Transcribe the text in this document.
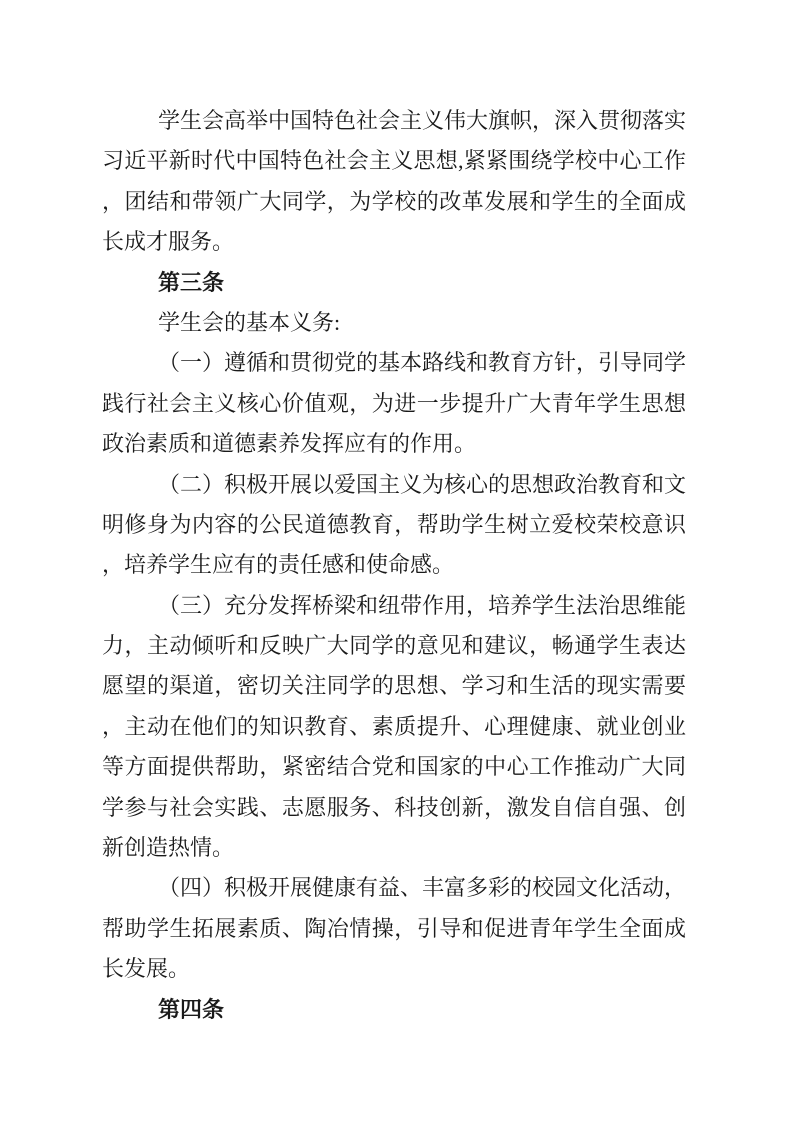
学生会高举中国特色社会主义伟大旗帜，深入贯彻落实
习近平新时代中国特色社会主义思想,紧紧围绕学校中心工作
，团结和带领广大同学，为学校的改革发展和学生的全面成
长成才服务。
第三条
学生会的基本义务:
（一）遵循和贯彻党的基本路线和教育方针，引导同学
践行社会主义核心价值观，为进一步提升广大青年学生思想
政治素质和道德素养发挥应有的作用。
（二）积极开展以爱国主义为核心的思想政治教育和文
明修身为内容的公民道德教育，帮助学生树立爱校荣校意识
，培养学生应有的责任感和使命感。
（三）充分发挥桥梁和纽带作用，培养学生法治思维能
力，主动倾听和反映广大同学的意见和建议，畅通学生表达
愿望的渠道，密切关注同学的思想、学习和生活的现实需要
，主动在他们的知识教育、素质提升、心理健康、就业创业
等方面提供帮助，紧密结合党和国家的中心工作推动广大同
学参与社会实践、志愿服务、科技创新，激发自信自强、创
新创造热情。
（四）积极开展健康有益、丰富多彩的校园文化活动，
帮助学生拓展素质、陶冶情操，引导和促进青年学生全面成
长发展。
第四条
